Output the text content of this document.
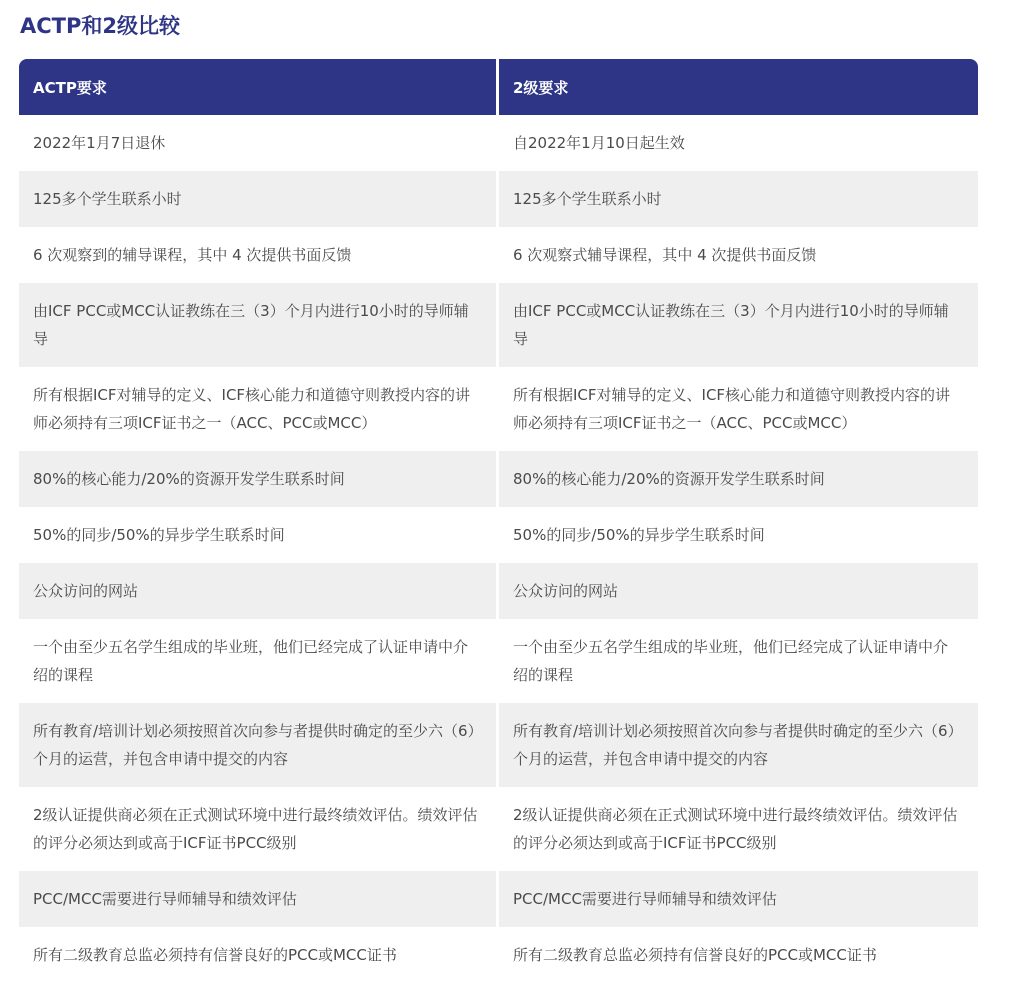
ACTP和2级比较
ACTP要求	2级要求
2022年1月7日退休	自2022年1月10日起生效
125多个学生联系小时	125多个学生联系小时
6 次观察到的辅导课程，其中 4 次提供书面反馈	6 次观察式辅导课程，其中 4 次提供书面反馈
由ICF PCC或MCC认证教练在三（3）个月内进行10小时的导师辅导	由ICF PCC或MCC认证教练在三（3）个月内进行10小时的导师辅导
所有根据ICF对辅导的定义、ICF核心能力和道德守则教授内容的讲师必须持有三项ICF证书之一（ACC、PCC或MCC）	所有根据ICF对辅导的定义、ICF核心能力和道德守则教授内容的讲师必须持有三项ICF证书之一（ACC、PCC或MCC）
80%的核心能力/20%的资源开发学生联系时间	80%的核心能力/20%的资源开发学生联系时间
50%的同步/50%的异步学生联系时间	50%的同步/50%的异步学生联系时间
公众访问的网站	公众访问的网站
一个由至少五名学生组成的毕业班，他们已经完成了认证申请中介绍的课程	一个由至少五名学生组成的毕业班，他们已经完成了认证申请中介绍的课程
所有教育/培训计划必须按照首次向参与者提供时确定的至少六（6）个月的运营，并包含申请中提交的内容	所有教育/培训计划必须按照首次向参与者提供时确定的至少六（6）个月的运营，并包含申请中提交的内容
2级认证提供商必须在正式测试环境中进行最终绩效评估。绩效评估的评分必须达到或高于ICF证书PCC级别	2级认证提供商必须在正式测试环境中进行最终绩效评估。绩效评估的评分必须达到或高于ICF证书PCC级别
PCC/MCC需要进行导师辅导和绩效评估	PCC/MCC需要进行导师辅导和绩效评估
所有二级教育总监必须持有信誉良好的PCC或MCC证书	所有二级教育总监必须持有信誉良好的PCC或MCC证书
